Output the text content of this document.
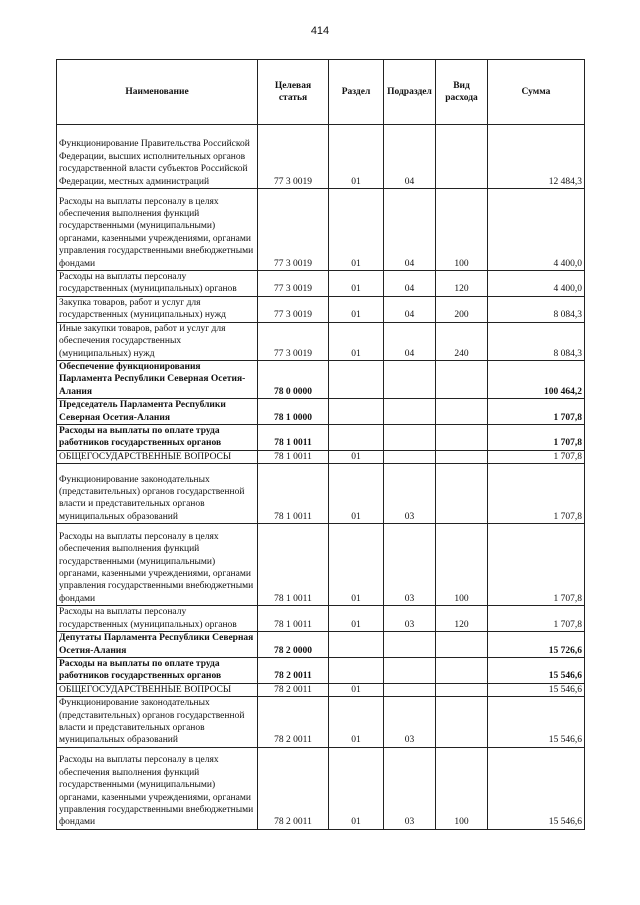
414
Наименование	Целевая статья	Раздел	Подраздел	Вид расхода	Сумма
Функционирование Правительства Российской Федерации, высших исполнительных органов государственной власти субъектов Российской Федерации, местных администраций	77 3 0019	01	04		12 484,3
Расходы на выплаты персоналу в целях обеспечения выполнения функций государственными (муниципальными) органами, казенными учреждениями, органами управления государственными внебюджетными фондами	77 3 0019	01	04	100	4 400,0
Расходы на выплаты персоналу государственных (муниципальных) органов	77 3 0019	01	04	120	4 400,0
Закупка товаров, работ и услуг для государственных (муниципальных) нужд	77 3 0019	01	04	200	8 084,3
Иные закупки товаров, работ и услуг для обеспечения государственных (муниципальных) нужд	77 3 0019	01	04	240	8 084,3
Обеспечение функционирования Парламента Республики Северная Осетия-Алания	78 0 0000				100 464,2
Председатель Парламента Республики Северная Осетия-Алания	78 1 0000				1 707,8
Расходы на выплаты по оплате труда работников государственных органов	78 1 0011				1 707,8
ОБЩЕГОСУДАРСТВЕННЫЕ ВОПРОСЫ	78 1 0011	01			1 707,8
Функционирование законодательных (представительных) органов государственной власти и представительных органов муниципальных образований	78 1 0011	01	03		1 707,8
Расходы на выплаты персоналу в целях обеспечения выполнения функций государственными (муниципальными) органами, казенными учреждениями, органами управления государственными внебюджетными фондами	78 1 0011	01	03	100	1 707,8
Расходы на выплаты персоналу государственных (муниципальных) органов	78 1 0011	01	03	120	1 707,8
Депутаты Парламента Республики Северная Осетия-Алания	78 2 0000				15 726,6
Расходы на выплаты по оплате труда работников государственных органов	78 2 0011				15 546,6
ОБЩЕГОСУДАРСТВЕННЫЕ ВОПРОСЫ	78 2 0011	01			15 546,6
Функционирование законодательных (представительных) органов государственной власти и представительных органов муниципальных образований	78 2 0011	01	03		15 546,6
Расходы на выплаты персоналу в целях обеспечения выполнения функций государственными (муниципальными) органами, казенными учреждениями, органами управления государственными внебюджетными фондами	78 2 0011	01	03	100	15 546,6
